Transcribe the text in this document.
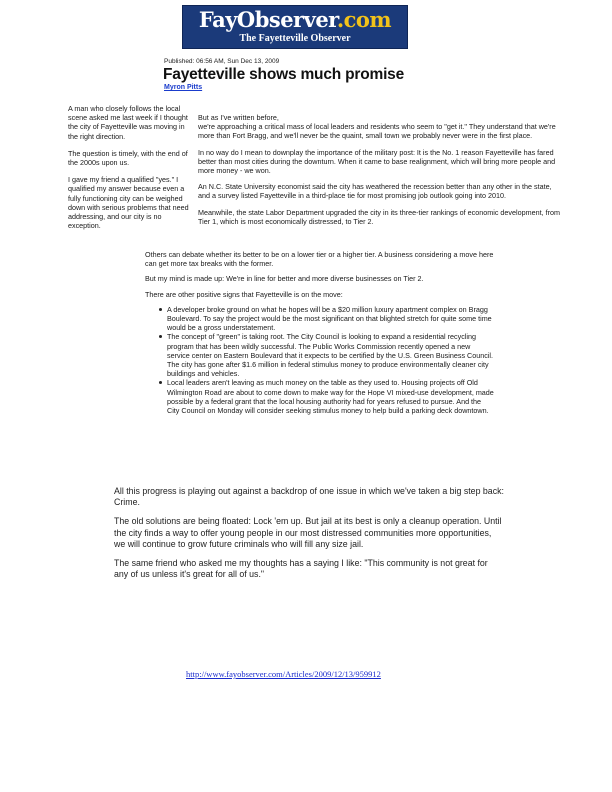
FayObserver.com
The Fayetteville Observer
Published: 06:56 AM, Sun Dec 13, 2009
Fayetteville shows much promise
Myron Pitts

A man who closely follows the local scene asked me last week if I thought the city of Fayetteville was moving in the right direction.

The question is timely, with the end of the 2000s upon us.

I gave my friend a qualified "yes." I qualified my answer because even a fully functioning city can be weighed down with serious problems that need addressing, and our city is no exception.

But as I've written before,
we're approaching a critical mass of local leaders and residents who seem to "get it." They understand that we're more than Fort Bragg, and we'll never be the quaint, small town we probably never were in the first place.

In no way do I mean to downplay the importance of the military post: It is the No. 1 reason Fayetteville has fared better than most cities during the downturn. When it came to base realignment, which will bring more people and more money - we won.

An N.C. State University economist said the city has weathered the recession better than any other in the state, and a survey listed Fayetteville in a third-place tie for most promising job outlook going into 2010.

Meanwhile, the state Labor Department upgraded the city in its three-tier rankings of economic development, from Tier 1, which is most economically distressed, to Tier 2.

Others can debate whether its better to be on a lower tier or a higher tier. A business considering a move here can get more tax breaks with the former.

But my mind is made up: We're in line for better and more diverse businesses on Tier 2.

There are other positive signs that Fayetteville is on the move:

A developer broke ground on what he hopes will be a $20 million luxury apartment complex on Bragg Boulevard. To say the project would be the most significant on that blighted stretch for quite some time would be a gross understatement.
The concept of "green" is taking root. The City Council is looking to expand a residential recycling program that has been wildly successful. The Public Works Commission recently opened a new service center on Eastern Boulevard that it expects to be certified by the U.S. Green Business Council. The city has gone after $1.6 million in federal stimulus money to produce environmentally cleaner city buildings and vehicles.
Local leaders aren't leaving as much money on the table as they used to. Housing projects off Old Wilmington Road are about to come down to make way for the Hope VI mixed-use development, made possible by a federal grant that the local housing authority had for years refused to pursue. And the City Council on Monday will consider seeking stimulus money to help build a parking deck downtown.

All this progress is playing out against a backdrop of one issue in which we've taken a big step back: Crime.

The old solutions are being floated: Lock 'em up. But jail at its best is only a cleanup operation. Until the city finds a way to offer young people in our most distressed communities more opportunities, we will continue to grow future criminals who will fill any size jail.

The same friend who asked me my thoughts has a saying I like: "This community is not great for any of us unless it's great for all of us."

http://www.fayobserver.com/Articles/2009/12/13/959912
